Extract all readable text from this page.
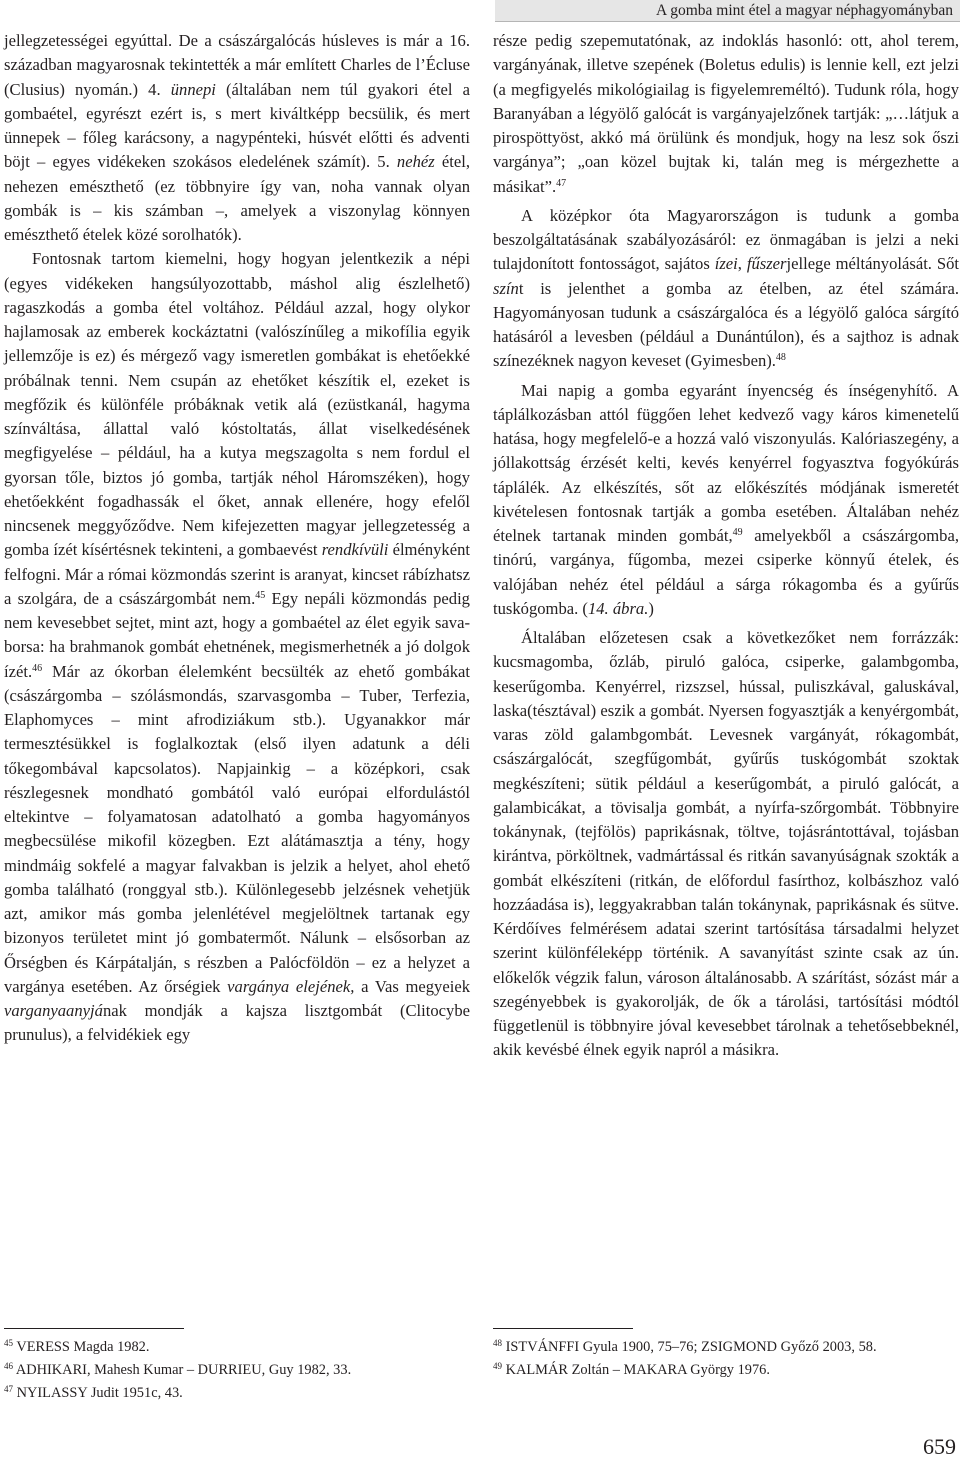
A gomba mint étel a magyar néphagyományban

jellegzetességei egyúttal. De a császárgalócás húsleves is már a 16. században magyarosnak tekintették a már említett Charles de l’Écluse (Clusius) nyomán.) 4. ünnepi (általában nem túl gyakori étel a gombaétel, egyrészt ezért is, s mert kiváltképp becsülik, és mert ünnepek – főleg karácsony, a nagypénteki, húsvét előtti és adventi böjt – egyes vidékeken szokásos eledelének számít). 5. nehéz étel, nehezen emészthető (ez többnyire így van, noha vannak olyan gombák is – kis számban –, amelyek a viszonylag könnyen emészthető ételek közé sorolhatók).

Fontosnak tartom kiemelni, hogy hogyan jelentkezik a népi (egyes vidékeken hangsúlyozottabb, máshol alig észlelhető) ragaszkodás a gomba étel voltához. Például azzal, hogy olykor hajlamosak az emberek kockáztatni (valószínűleg a mikofília egyik jellemzője is ez) és mérgező vagy ismeretlen gombákat is ehetőekké próbálnak tenni. Nem csupán az ehetőket készítik el, ezeket is megfőzik és különféle próbáknak vetik alá (ezüstkanál, hagyma színváltása, állattal való kóstoltatás, állat viselkedésének megfigyelése – például, ha a kutya megszagolta s nem fordul el gyorsan tőle, biztos jó gomba, tartják néhol Háromszéken), hogy ehetőekként fogadhassák el őket, annak ellenére, hogy efelől nincsenek meggyőződve. Nem kifejezetten magyar jellegzetesség a gomba ízét kísértésnek tekinteni, a gombaevést rendkívüli élményként felfogni. Már a római közmondás szerint is aranyat, kincset rábízhatsz a szolgára, de a császárgombát nem.$^{45}$ Egy nepáli közmondás pedig nem kevesebbet sejtet, mint azt, hogy a gombaétel az élet egyik sava-borsa: ha brahmanok gombát ehetnének, megismerhetnék a jó dolgok ízét.$^{46}$ Már az ókorban élelemként becsülték az ehető gombákat (császárgomba – szólásmondás, szarvasgomba – Tuber, Terfezia, Elaphomyces – mint afrodiziákum stb.). Ugyanakkor már termesztésükkel is foglalkoztak (első ilyen adatunk a déli tőkegombával kapcsolatos). Napjainkig – a középkori, csak részlegesnek mondható gombától való európai elfordulástól eltekintve – folyamatosan adatolható a gomba hagyományos megbecsülése mikofil közegben. Ezt alátámasztja a tény, hogy mindmáig sokfelé a magyar falvakban is jelzik a helyet, ahol ehető gomba található (ronggyal stb.). Különlegesebb jelzésnek vehetjük azt, amikor más gomba jelenlétével megjelöltnek tartanak egy bizonyos területet mint jó gombatermőt. Nálunk – elsősorban az Őrségben és Kárpátalján, s részben a Palócföldön – ez a helyzet a vargánya esetében. Az őrségiek vargánya elejének, a Vas megyeiek varganyaanyjának mondják a kajsza lisztgombát (Clitocybe prunulus), a felvidékiek egy

része pedig szepemutatónak, az indoklás hasonló: ott, ahol terem, vargányának, illetve szepének (Boletus edulis) is lennie kell, ezt jelzi (a megfigyelés mikológiailag is figyelemreméltó). Tudunk róla, hogy Baranyában a légyölő galócát is vargányajelzőnek tartják: „…látjuk a pirospöttyöst, akkó má örülünk és mondjuk, hogy na lesz sok őszi vargánya”; „oan közel bujtak ki, talán meg is mérgezhette a másikat”.$^{47}$

A középkor óta Magyarországon is tudunk a gomba beszolgáltatásának szabályozásáról: ez önmagában is jelzi a neki tulajdonított fontosságot, sajátos ízei, fűszerjellege méltányolását. Sőt színt is jelenthet a gomba az ételben, az étel számára. Hagyományosan tudunk a császárgalóca és a légyölő galóca sárgító hatásáról a levesben (például a Dunántúlon), és a sajthoz is adnak színezéknek nagyon keveset (Gyimesben).$^{48}$

Mai napig a gomba egyaránt ínyencség és ínségenyhítő. A táplálkozásban attól függően lehet kedvező vagy káros kimenetelű hatása, hogy megfelelő-e a hozzá való viszonyulás. Kalóriaszegény, a jóllakottság érzését kelti, kevés kenyérrel fogyasztva fogyókúrás táplálék. Az elkészítés, sőt az előkészítés módjának ismeretét kivételesen fontosnak tartják a gomba esetében. Általában nehéz ételnek tartanak minden gombát,$^{49}$ amelyekből a császárgomba, tinórú, vargánya, fűgomba, mezei csiperke könnyű ételek, és valójában nehéz étel például a sárga rókagomba és a gyűrűs tuskógomba. (14. ábra.)

Általában előzetesen csak a következőket nem forrázzák: kucsmagomba, őzláb, piruló galóca, csiperke, galambgomba, keserűgomba. Kenyérrel, rizszsel, hússal, puliszkával, galuskával, laska(tésztával) eszik a gombát. Nyersen fogyasztják a kenyérgombát, varas zöld galambgombát. Levesnek vargányát, rókagombát, császárgalócát, szegfűgombát, gyűrűs tuskógombát szoktak megkészíteni; sütik például a keserűgombát, a piruló galócát, a galambicákat, a tövisalja gombát, a nyírfa-szőrgombát. Többnyire tokánynak, (tejfölös) paprikásnak, töltve, tojásrántottával, tojásban kirántva, pörköltnek, vadmártással és ritkán savanyúságnak szokták a gombát elkészíteni (ritkán, de előfordul fasírthoz, kolbászhoz való hozzáadása is), leggyakrabban talán tokánynak, paprikásnak és sütve. Kérdőíves felmérésem adatai szerint tartósítása társadalmi helyzet szerint különféleképp történik. A savanyítást szinte csak az ún. előkelők végzik falun, városon általánosabb. A szárítást, sózást már a szegényebbek is gyakorolják, de ők a tárolási, tartósítási módtól függetlenül is többnyire jóval kevesebbet tárolnak a tehetősebbeknél, akik kevésbé élnek egyik napról a másikra.

$^{45}$ VERESS Magda 1982.
$^{46}$ ADHIKARI, Mahesh Kumar – DURRIEU, Guy 1982, 33.
$^{47}$ NYILASSY Judit 1951c, 43.
$^{48}$ ISTVÁNFFI Gyula 1900, 75–76; ZSIGMOND Győző 2003, 58.
$^{49}$ KALMÁR Zoltán – MAKARA György 1976.
659
